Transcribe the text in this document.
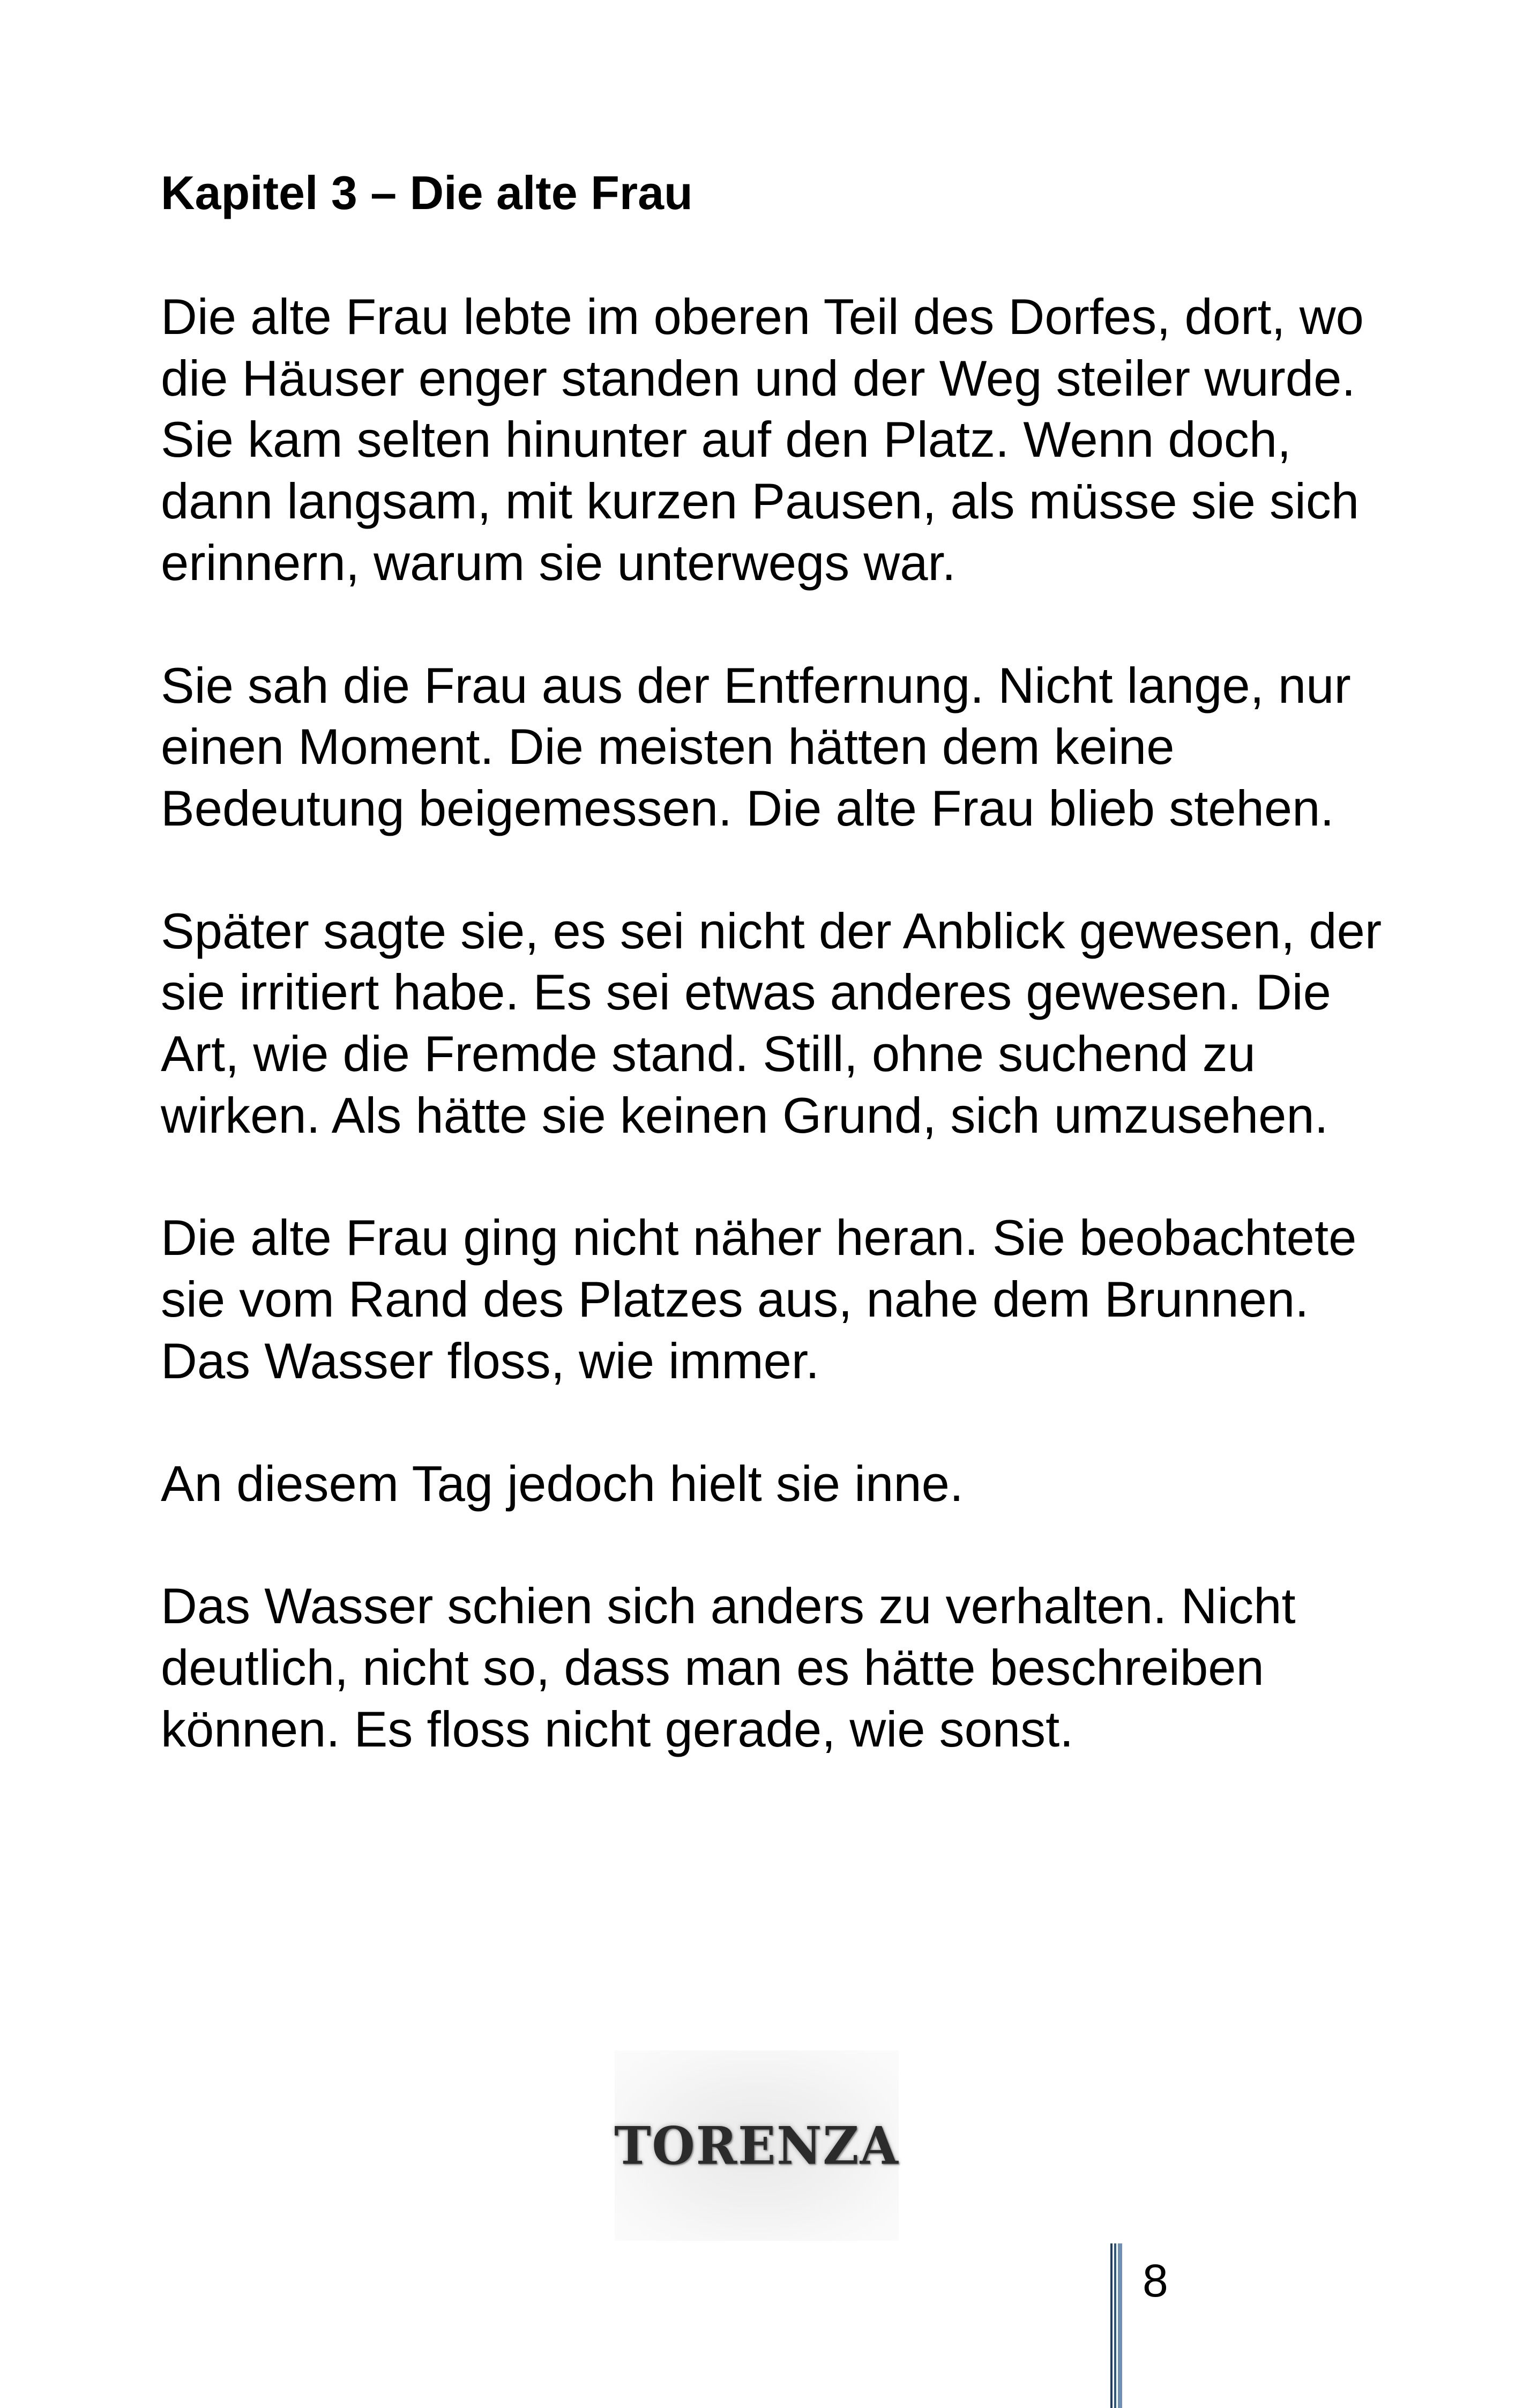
Kapitel 3 – Die alte Frau

Die alte Frau lebte im oberen Teil des Dorfes, dort, wo die Häuser enger standen und der Weg steiler wurde. Sie kam selten hinunter auf den Platz. Wenn doch, dann langsam, mit kurzen Pausen, als müsse sie sich erinnern, warum sie unterwegs war.

Sie sah die Frau aus der Entfernung. Nicht lange, nur einen Moment. Die meisten hätten dem keine Bedeutung beigemessen. Die alte Frau blieb stehen.

Später sagte sie, es sei nicht der Anblick gewesen, der sie irritiert habe. Es sei etwas anderes gewesen. Die Art, wie die Fremde stand. Still, ohne suchend zu wirken. Als hätte sie keinen Grund, sich umzusehen.

Die alte Frau ging nicht näher heran. Sie beobachtete sie vom Rand des Platzes aus, nahe dem Brunnen. Das Wasser floss, wie immer.

An diesem Tag jedoch hielt sie inne.

Das Wasser schien sich anders zu verhalten. Nicht deutlich, nicht so, dass man es hätte beschreiben können. Es floss nicht gerade, wie sonst.

TORENZA
8
